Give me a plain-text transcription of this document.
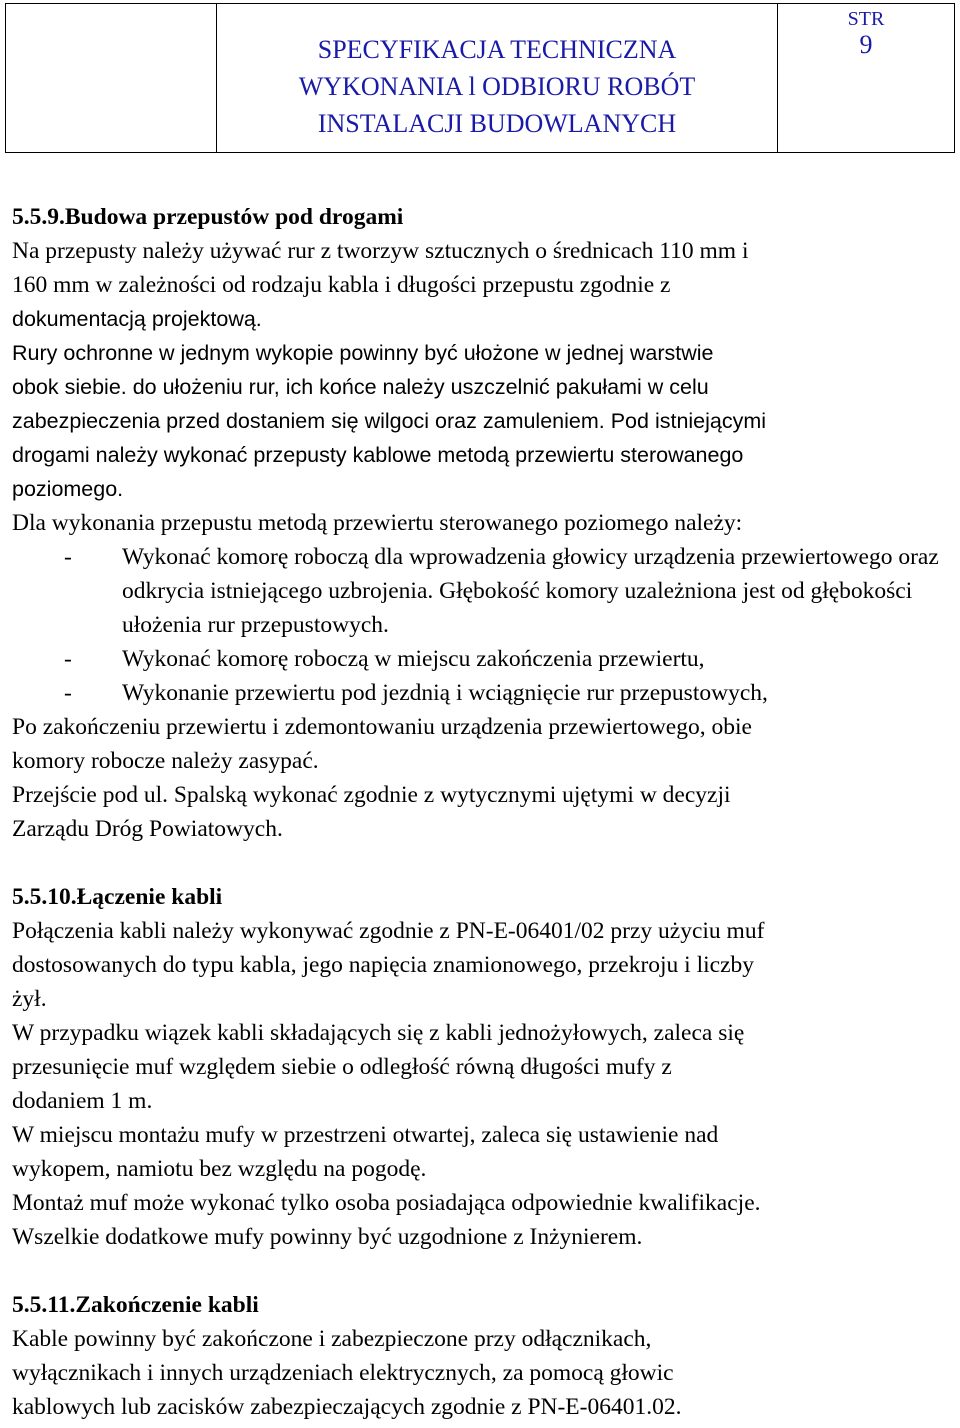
SPECYFIKACJA TECHNICZNA
WYKONANIA l ODBIORU ROBÓT
INSTALACJI BUDOWLANYCH

STR
9

5.5.9.Budowa przepustów pod drogami

Na przepusty należy używać rur z tworzyw sztucznych o średnicach 110 mm i
160 mm w zależności od rodzaju kabla i długości przepustu zgodnie z

dokumentacją projektową.
Rury ochronne w jednym wykopie powinny być ułożone w jednej warstwie
obok siebie. do ułożeniu rur, ich końce należy uszczelnić pakułami w celu
zabezpieczenia przed dostaniem się wilgoci oraz zamuleniem. Pod istniejącymi
drogami należy wykonać przepusty kablowe metodą przewiertu sterowanego
poziomego.

Dla wykonania przepustu metodą przewiertu sterowanego poziomego należy:

-	Wykonać komorę roboczą dla wprowadzenia głowicy urządzenia przewiertowego oraz odkrycia istniejącego uzbrojenia. Głębokość komory uzależniona jest od głębokości ułożenia rur przepustowych.
-	Wykonać komorę roboczą w miejscu zakończenia przewiertu,
-	Wykonanie przewiertu pod jezdnią i wciągnięcie rur przepustowych,

Po zakończeniu przewiertu i zdemontowaniu urządzenia przewiertowego, obie
komory robocze należy zasypać.
Przejście pod ul. Spalską wykonać zgodnie z wytycznymi ujętymi w decyzji
Zarządu Dróg Powiatowych.

5.5.10.Łączenie kabli

Połączenia kabli należy wykonywać zgodnie z PN-E-06401/02 przy użyciu muf
dostosowanych do typu kabla, jego napięcia znamionowego, przekroju i liczby
żył.
W przypadku wiązek kabli składających się z kabli jednożyłowych, zaleca się
przesunięcie muf względem siebie o odległość równą długości mufy z
dodaniem 1 m.
W miejscu montażu mufy w przestrzeni otwartej, zaleca się ustawienie nad
wykopem, namiotu bez względu na pogodę.
Montaż muf może wykonać tylko osoba posiadająca odpowiednie kwalifikacje.
Wszelkie dodatkowe mufy powinny być uzgodnione z Inżynierem.

5.5.11.Zakończenie kabli

Kable powinny być zakończone i zabezpieczone przy odłącznikach,
wyłącznikach i innych urządzeniach elektrycznych, za pomocą głowic
kablowych lub zacisków zabezpieczających zgodnie z PN-E-06401.02.
